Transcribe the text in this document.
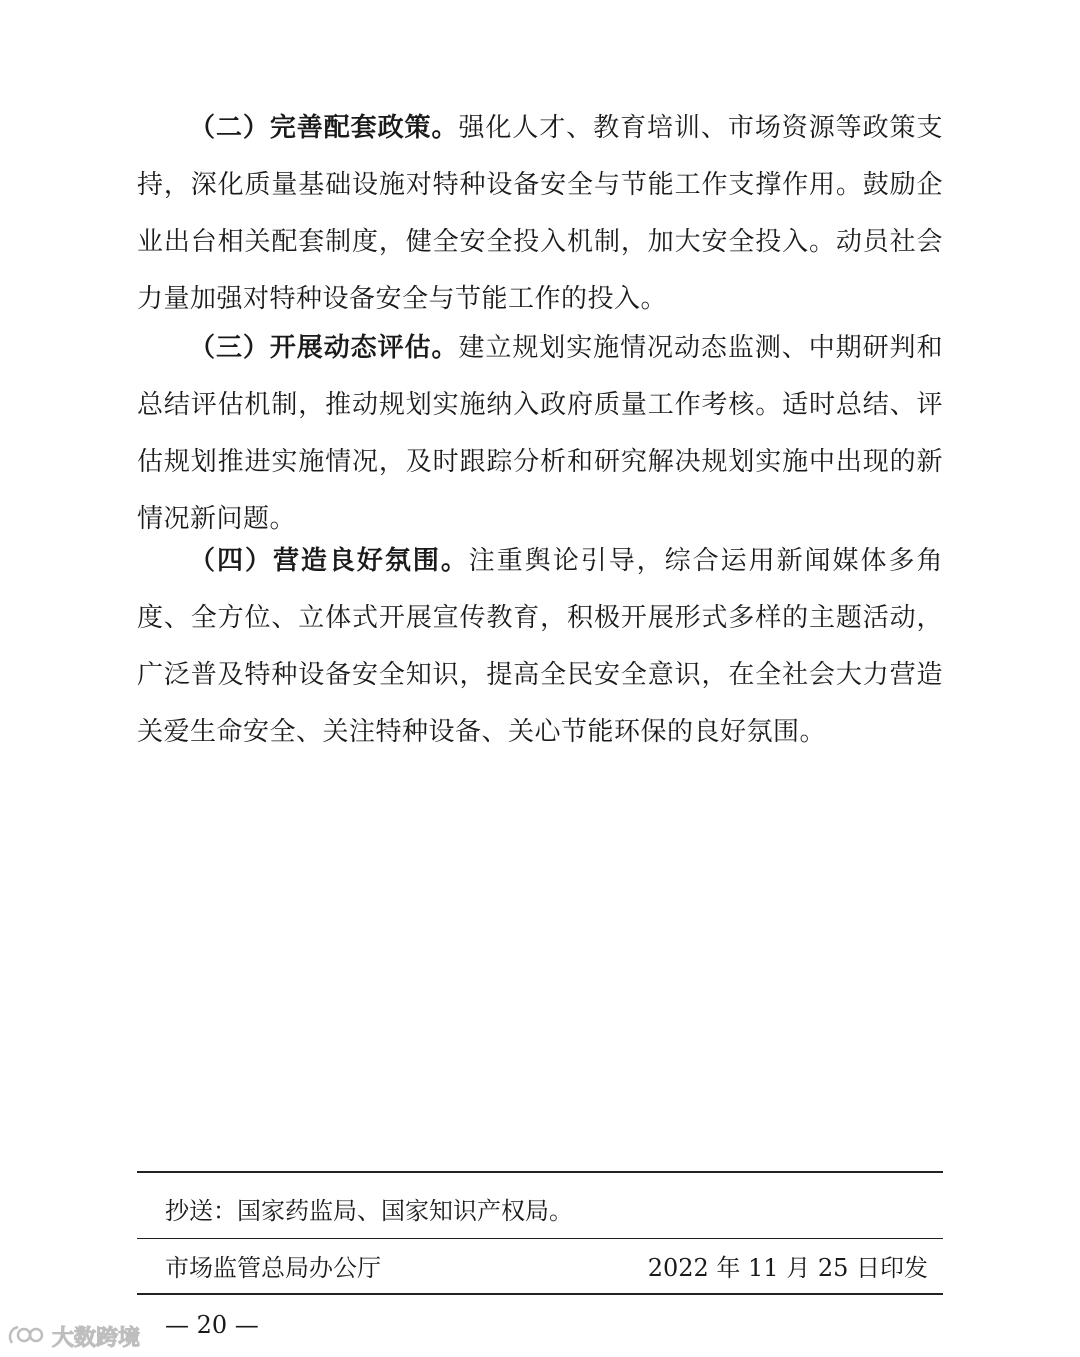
（二）完善配套政策。强化人才、教育培训、市场资源等政策支持，深化质量基础设施对特种设备安全与节能工作支撑作用。鼓励企业出台相关配套制度，健全安全投入机制，加大安全投入。动员社会力量加强对特种设备安全与节能工作的投入。

（三）开展动态评估。建立规划实施情况动态监测、中期研判和总结评估机制，推动规划实施纳入政府质量工作考核。适时总结、评估规划推进实施情况，及时跟踪分析和研究解决规划实施中出现的新情况新问题。

（四）营造良好氛围。注重舆论引导，综合运用新闻媒体多角度、全方位、立体式开展宣传教育，积极开展形式多样的主题活动，广泛普及特种设备安全知识，提高全民安全意识，在全社会大力营造关爱生命安全、关注特种设备、关心节能环保的良好氛围。

抄送：国家药监局、国家知识产权局。
市场监管总局办公厅	2022 年 11 月 25 日印发
— 20 —
大数跨境
